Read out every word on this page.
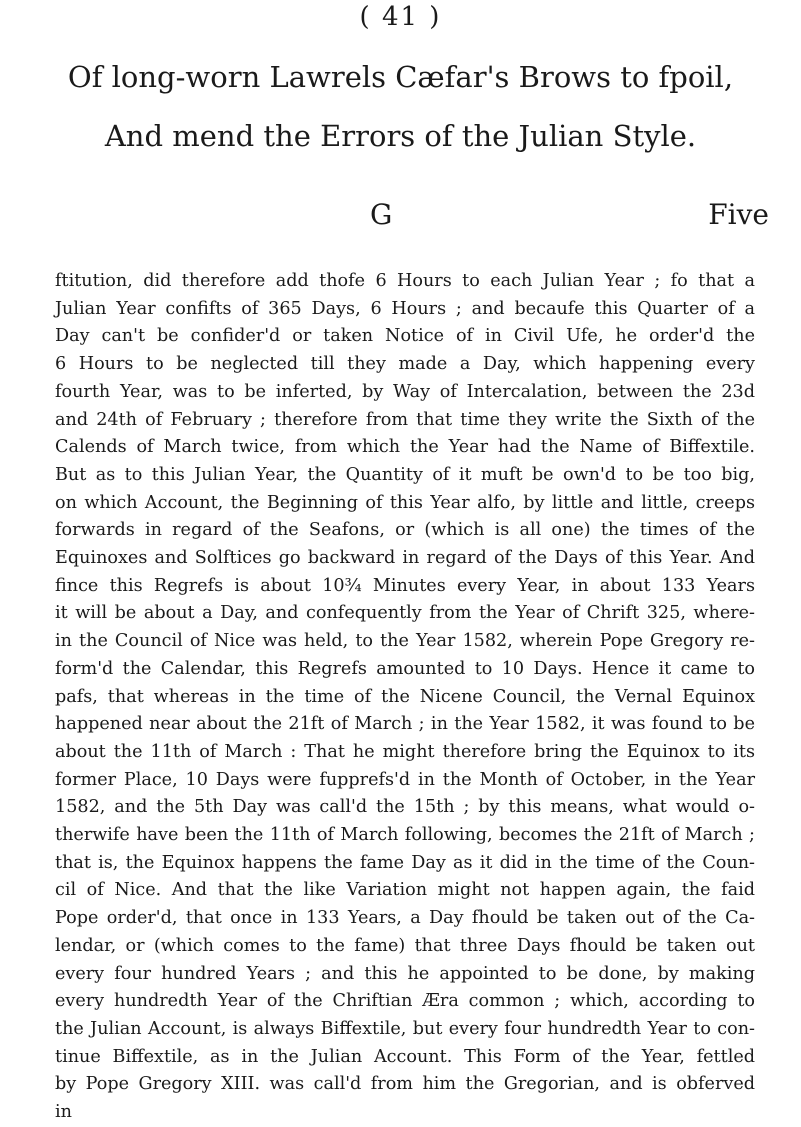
( 41 )
Of long-worn Lawrels Cæfar's Brows to fpoil,
And mend the Errors of the Julian Style.
G	Five
ftitution, did therefore add thofe 6 Hours to each Julian Year ; fo that a
Julian Year confifts of 365 Days, 6 Hours ; and becaufe this Quarter of a
Day can't be confider'd or taken Notice of in Civil Ufe, he order'd the
6 Hours to be neglected till they made a Day, which happening every
fourth Year, was to be inferted, by Way of Intercalation, between the 23d
and 24th of February ; therefore from that time they write the Sixth of the
Calends of March twice, from which the Year had the Name of Biffextile.
But as to this Julian Year, the Quantity of it muft be own'd to be too big,
on which Account, the Beginning of this Year alfo, by little and little, creeps
forwards in regard of the Seafons, or (which is all one) the times of the
Equinoxes and Solftices go backward in regard of the Days of this Year. And
fince this Regrefs is about 10¾ Minutes every Year, in about 133 Years
it will be about a Day, and confequently from the Year of Chrift 325, where-
in the Council of Nice was held, to the Year 1582, wherein Pope Gregory re-
form'd the Calendar, this Regrefs amounted to 10 Days. Hence it came to
pafs, that whereas in the time of the Nicene Council, the Vernal Equinox
happened near about the 21ft of March ; in the Year 1582, it was found to be
about the 11th of March : That he might therefore bring the Equinox to its
former Place, 10 Days were fupprefs'd in the Month of October, in the Year
1582, and the 5th Day was call'd the 15th ; by this means, what would o-
therwife have been the 11th of March following, becomes the 21ft of March ;
that is, the Equinox happens the fame Day as it did in the time of the Coun-
cil of Nice. And that the like Variation might not happen again, the faid
Pope order'd, that once in 133 Years, a Day fhould be taken out of the Ca-
lendar, or (which comes to the fame) that three Days fhould be taken out
every four hundred Years ; and this he appointed to be done, by making
every hundredth Year of the Chriftian Æra common ; which, according to
the Julian Account, is always Biffextile, but every four hundredth Year to con-
tinue Biffextile, as in the Julian Account. This Form of the Year, fettled
by Pope Gregory XIII. was call'd from him the Gregorian, and is obferved
in
